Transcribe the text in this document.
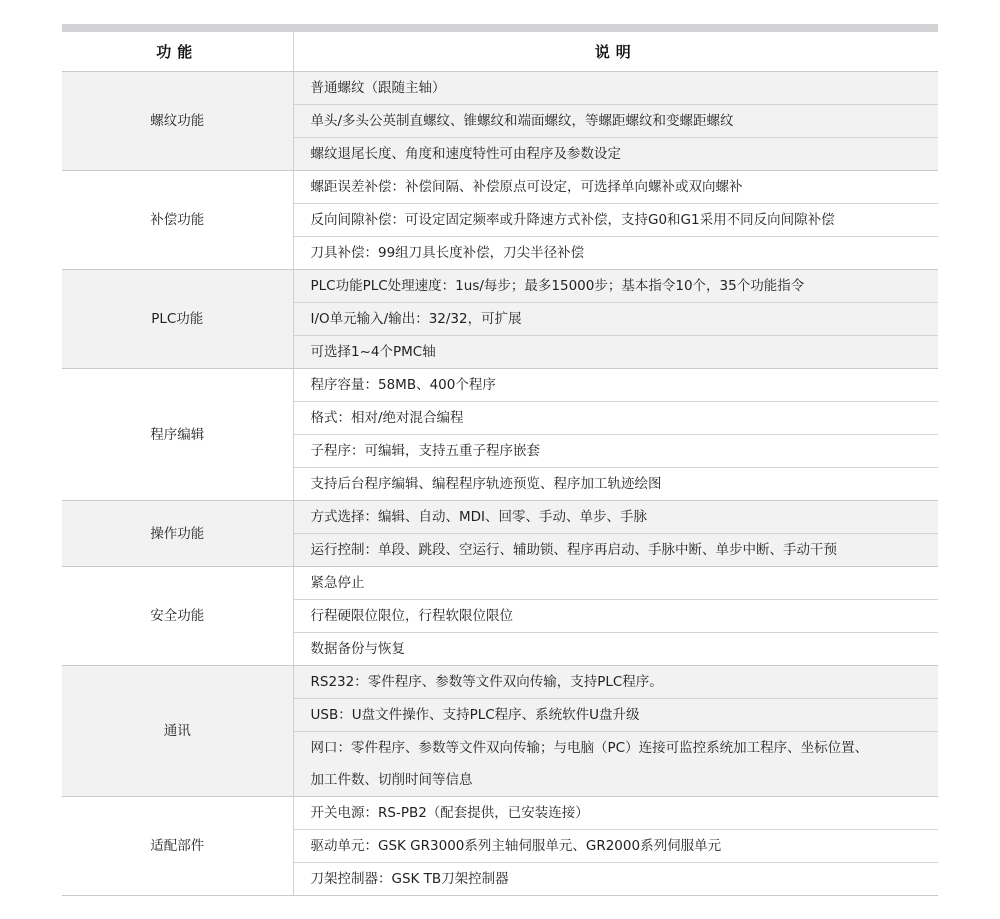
功能	说明
螺纹功能	普通螺纹（跟随主轴）
	单头/多头公英制直螺纹、锥螺纹和端面螺纹，等螺距螺纹和变螺距螺纹
	螺纹退尾长度、角度和速度特性可由程序及参数设定
补偿功能	螺距误差补偿：补偿间隔、补偿原点可设定，可选择单向螺补或双向螺补
	反向间隙补偿：可设定固定频率或升降速方式补偿，支持G0和G1采用不同反向间隙补偿
	刀具补偿：99组刀具长度补偿，刀尖半径补偿
PLC功能	PLC功能PLC处理速度：1us/每步；最多15000步；基本指令10个，35个功能指令
	I/O单元输入/输出：32/32，可扩展
	可选择1~4个PMC轴
程序编辑	程序容量：58MB、400个程序
	格式：相对/绝对混合编程
	子程序：可编辑，支持五重子程序嵌套
	支持后台程序编辑、编程程序轨迹预览、程序加工轨迹绘图
操作功能	方式选择：编辑、自动、MDI、回零、手动、单步、手脉
	运行控制：单段、跳段、空运行、辅助锁、程序再启动、手脉中断、单步中断、手动干预
安全功能	紧急停止
	行程硬限位限位，行程软限位限位
	数据备份与恢复
通讯	RS232：零件程序、参数等文件双向传输，支持PLC程序。
	USB：U盘文件操作、支持PLC程序、系统软件U盘升级
	网口：零件程序、参数等文件双向传输；与电脑（PC）连接可监控系统加工程序、坐标位置、
	加工件数、切削时间等信息
适配部件	开关电源：RS-PB2（配套提供，已安装连接）
	驱动单元：GSK GR3000系列主轴伺服单元、GR2000系列伺服单元
	刀架控制器：GSK TB刀架控制器
